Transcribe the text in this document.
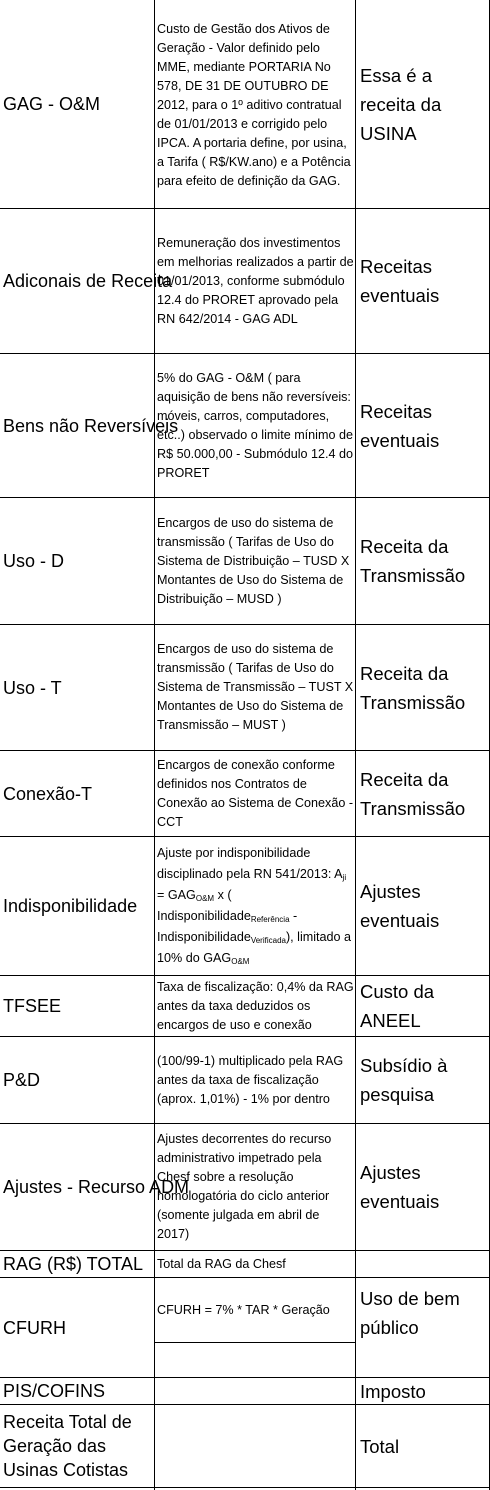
GAG - O&M
Custo de Gestão dos Ativos de Geração - Valor definido pelo MME, mediante PORTARIA No 578, DE 31 DE OUTUBRO DE 2012, para o 1º aditivo contratual de 01/01/2013 e corrigido pelo IPCA. A portaria define, por usina, a Tarifa ( R$/KW.ano) e a Potência para efeito de definição da GAG.
Essa é a receita da USINA
Adiconais de Receita
Remuneração dos investimentos em melhorias realizados a partir de 01/01/2013, conforme submódulo 12.4 do PRORET aprovado pela RN 642/2014 - GAG ADL
Receitas eventuais
Bens não Reversíveis
5% do GAG - O&M ( para aquisição de bens não reversíveis: móveis, carros, computadores, etc..) observado o limite mínimo de R$ 50.000,00 - Submódulo 12.4 do PRORET
Receitas eventuais
Uso - D
Encargos de uso do sistema de transmissão ( Tarifas de Uso do Sistema de Distribuição – TUSD X Montantes de Uso do Sistema de Distribuição – MUSD )
Receita da Transmissão
Uso - T
Encargos de uso do sistema de transmissão ( Tarifas de Uso do Sistema de Transmissão – TUST X Montantes de Uso do Sistema de Transmissão – MUST )
Receita da Transmissão
Conexão-T
Encargos de conexão conforme definidos nos Contratos de Conexão ao Sistema de Conexão - CCT
Receita da Transmissão
Indisponibilidade
Ajuste por indisponibilidade disciplinado pela RN 541/2013: $A_{ji} = GAG_{O\&M}$ x ( Indisponibilidade$_{Referência}$ - Indisponibilidade$_{Verificada}$), limitado a 10% do $GAG_{O\&M}$
Ajustes eventuais
TFSEE
Taxa de fiscalização: 0,4% da RAG antes da taxa deduzidos os encargos de uso e conexão
Custo da ANEEL
P&D
(100/99-1) multiplicado pela RAG antes da taxa de fiscalização (aprox. 1,01%) - 1% por dentro
Subsídio à pesquisa
Ajustes - Recurso ADM
Ajustes decorrentes do recurso administrativo impetrado pela Chesf sobre a resolução homologatória do ciclo anterior (somente julgada em abril de 2017)
Ajustes eventuais
RAG (R$) TOTAL Total da RAG da Chesf
CFURH
CFURH = 7% * TAR * Geração
Uso de bem público
PIS/COFINS	Imposto
Receita Total de Geração das Usinas Cotistas
Total
